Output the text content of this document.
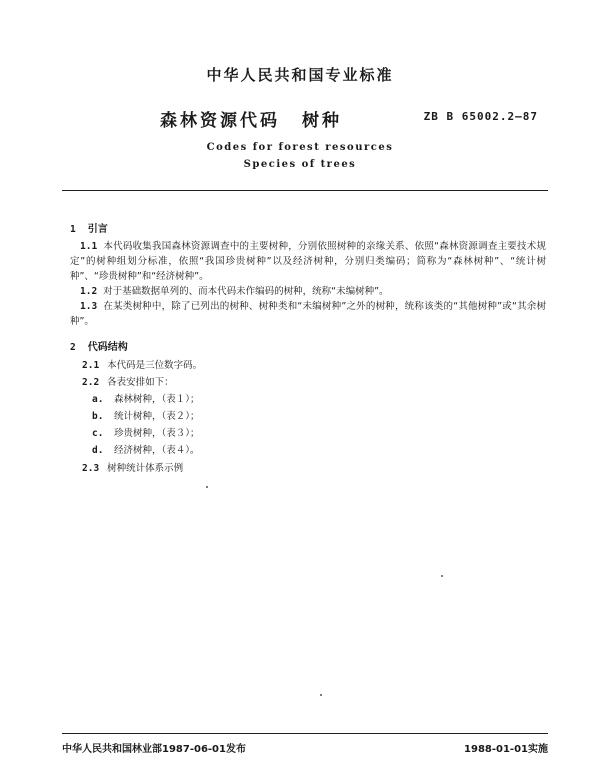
中华人民共和国专业标准
森林资源代码 树种	ZB B 65002.2—87
Codes for forest resources
Species of trees
1 引言
1.1 本代码收集我国森林资源调查中的主要树种，分别依照树种的亲缘关系、依照“森林资源调查主要技术规定”的树种组划分标准，依照“我国珍贵树种”以及经济树种，分别归类编码；简称为“森林树种”、“统计树种”、“珍贵树种”和“经济树种”。
1.2 对于基础数据单列的、而本代码未作编码的树种，统称“未编树种”。
1.3 在某类树种中，除了已列出的树种、树种类和“未编树种”之外的树种，统称该类的“其他树种”或“其余树种”。
2 代码结构
2.1 本代码是三位数字码。
2.2 各表安排如下：
a. 森林树种，（表１）；
b. 统计树种，（表２）；
c. 珍贵树种，（表３）；
d. 经济树种，（表４）。
2.3 树种统计体系示例
中华人民共和国林业部1987-06-01发布	1988-01-01实施
